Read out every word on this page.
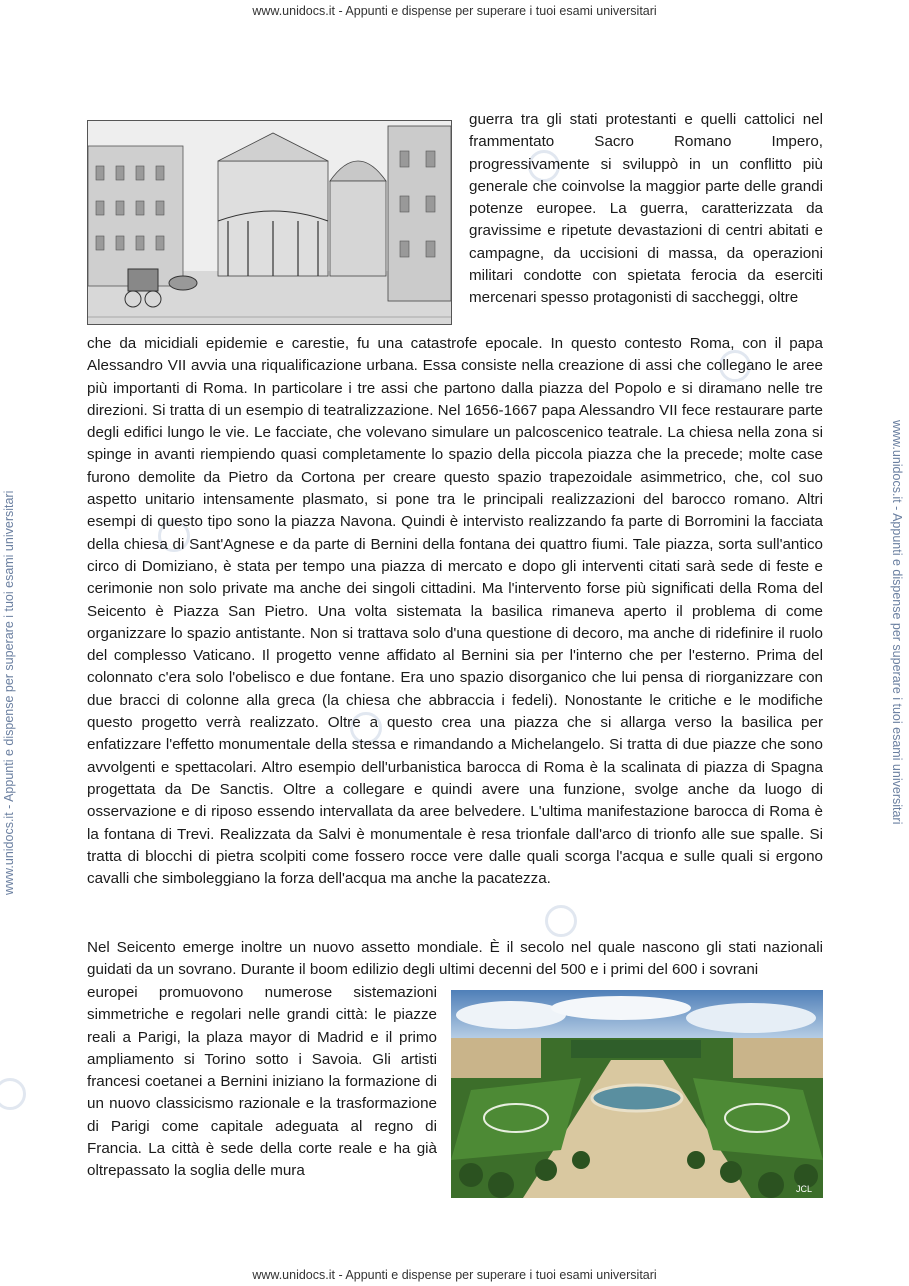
www.unidocs.it - Appunti e dispense per superare i tuoi esami universitari
www.unidocs.it - Appunti e dispense per superare i tuoi esami universitari	www.unidocs.it - Appunti e dispense per superare i tuoi esami universitari
guerra tra gli stati protestanti e quelli cattolici nel frammentato Sacro Romano Impero, progressivamente si sviluppò in un conflitto più generale che coinvolse la maggior parte delle grandi potenze europee. La guerra, caratterizzata da gravissime e ripetute devastazioni di centri abitati e campagne, da uccisioni di massa, da operazioni militari condotte con spietata ferocia da eserciti mercenari spesso protagonisti di saccheggi, oltre
che da micidiali epidemie e carestie, fu una catastrofe epocale. In questo contesto Roma, con il papa Alessandro VII avvia una riqualificazione urbana. Essa consiste nella creazione di assi che collegano le aree più importanti di Roma. In particolare i tre assi che partono dalla piazza del Popolo e si diramano nelle tre direzioni. Si tratta di un esempio di teatralizzazione. Nel 1656-1667 papa Alessandro VII fece restaurare parte degli edifici lungo le vie. Le facciate, che volevano simulare un palcoscenico teatrale. La chiesa nella zona si spinge in avanti riempiendo quasi completamente lo spazio della piccola piazza che la precede; molte case furono demolite da Pietro da Cortona per creare questo spazio trapezoidale asimmetrico, che, col suo aspetto unitario intensamente plasmato, si pone tra le principali realizzazioni del barocco romano. Altri esempi di questo tipo sono la piazza Navona. Quindi è intervisto realizzando fa parte di Borromini la facciata della chiesa di Sant'Agnese e da parte di Bernini della fontana dei quattro fiumi. Tale piazza, sorta sull'antico circo di Domiziano, è stata per tempo una piazza di mercato e dopo gli interventi citati sarà sede di feste e cerimonie non solo private ma anche dei singoli cittadini. Ma l'intervento forse più significati della Roma del Seicento è Piazza San Pietro. Una volta sistemata la basilica rimaneva aperto il problema di come organizzare lo spazio antistante. Non si trattava solo d'una questione di decoro, ma anche di ridefinire il ruolo del complesso Vaticano. Il progetto venne affidato al Bernini sia per l'interno che per l'esterno. Prima del colonnato c'era solo l'obelisco e due fontane. Era uno spazio disorganico che lui pensa di riorganizzare con due bracci di colonne alla greca (la chiesa che abbraccia i fedeli). Nonostante le critiche e le modifiche questo progetto verrà realizzato. Oltre a questo crea una piazza che si allarga verso la basilica per enfatizzare l'effetto monumentale della stessa e rimandando a Michelangelo. Si tratta di due piazze che sono avvolgenti e spettacolari. Altro esempio dell'urbanistica barocca di Roma è la scalinata di piazza di Spagna progettata da De Sanctis. Oltre a collegare e quindi avere una funzione, svolge anche da luogo di osservazione e di riposo essendo intervallata da aree belvedere. L'ultima manifestazione barocca di Roma è la fontana di Trevi. Realizzata da Salvi è monumentale è resa trionfale dall'arco di trionfo alle sue spalle. Si tratta di blocchi di pietra scolpiti come fossero rocce vere dalle quali scorga l'acqua e sulle quali si ergono cavalli che simboleggiano la forza dell'acqua ma anche la pacatezza.
Nel Seicento emerge inoltre un nuovo assetto mondiale. È il secolo nel quale nascono gli stati nazionali guidati da un sovrano. Durante il boom edilizio degli ultimi decenni del 500 e i primi del 600 i sovrani
europei promuovono numerose sistemazioni simmetriche e regolari nelle grandi città: le piazze reali a Parigi, la plaza mayor di Madrid e il primo ampliamento si Torino sotto i Savoia. Gli artisti francesi coetanei a Bernini iniziano la formazione di un nuovo classicismo razionale e la trasformazione di Parigi come capitale adeguata al regno di Francia. La città è sede della corte reale e ha già oltrepassato la soglia delle mura
JCL
www.unidocs.it - Appunti e dispense per superare i tuoi esami universitari
